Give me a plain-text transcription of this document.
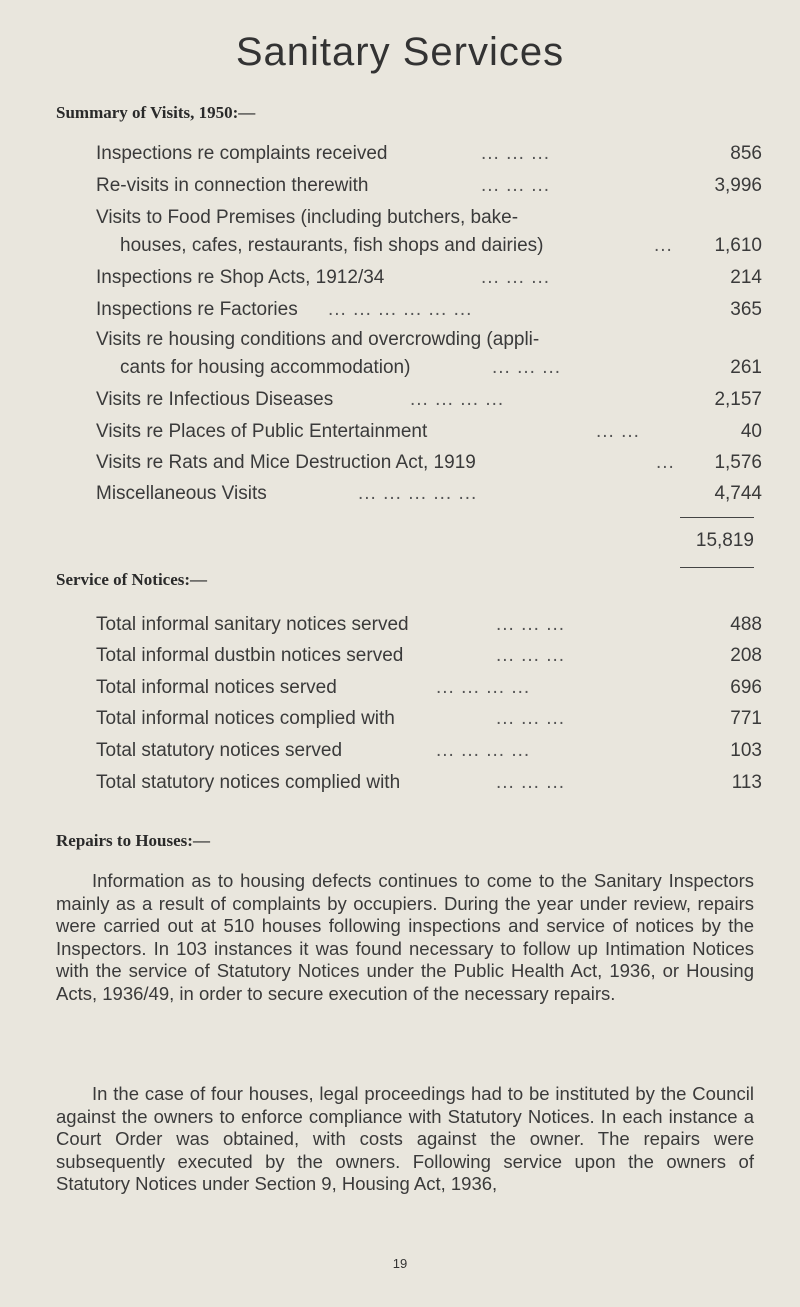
Sanitary Services
Summary of Visits, 1950:—
Inspections re complaints received	... ... ...	856
Re-visits in connection therewith	... ... ...	3,996
Visits to Food Premises (including butchers, bake-
houses, cafes, restaurants, fish shops and dairies)	... 1,610
Inspections re Shop Acts, 1912/34	... ... ...	214
Inspections re Factories ... ... ... ... ... ...	365
Visits re housing conditions and overcrowding (appli-
cants for housing accommodation)	... ... ...	261
Visits re Infectious Diseases	... ... ... ...	2,157
Visits re Places of Public Entertainment	... ...	40
Visits re Rats and Mice Destruction Act, 1919	... 1,576
Miscellaneous Visits	... ... ... ... ...	4,744
15,819
Service of Notices:—
Total informal sanitary notices served	... ... ...	488
Total informal dustbin notices served	... ... ...	208
Total informal notices served	... ... ... ...	696
Total informal notices complied with	... ... ...	771
Total statutory notices served	... ... ... ...	103
Total statutory notices complied with	... ... ...	113
Repairs to Houses:—

Information as to housing defects continues to come to the Sanitary Inspectors mainly as a result of complaints by occupiers. During the year under review, repairs were carried out at 510 houses following inspections and service of notices by the Inspectors. In 103 instances it was found necessary to follow up Intimation Notices with the service of Statutory Notices under the Public Health Act, 1936, or Housing Acts, 1936/49, in order to secure execution of the necessary repairs.

In the case of four houses, legal proceedings had to be instituted by the Council against the owners to enforce compliance with Statutory Notices. In each instance a Court Order was obtained, with costs against the owner. The repairs were subsequently executed by the owners. Following service upon the owners of Statutory Notices under Section 9, Housing Act, 1936,

19
